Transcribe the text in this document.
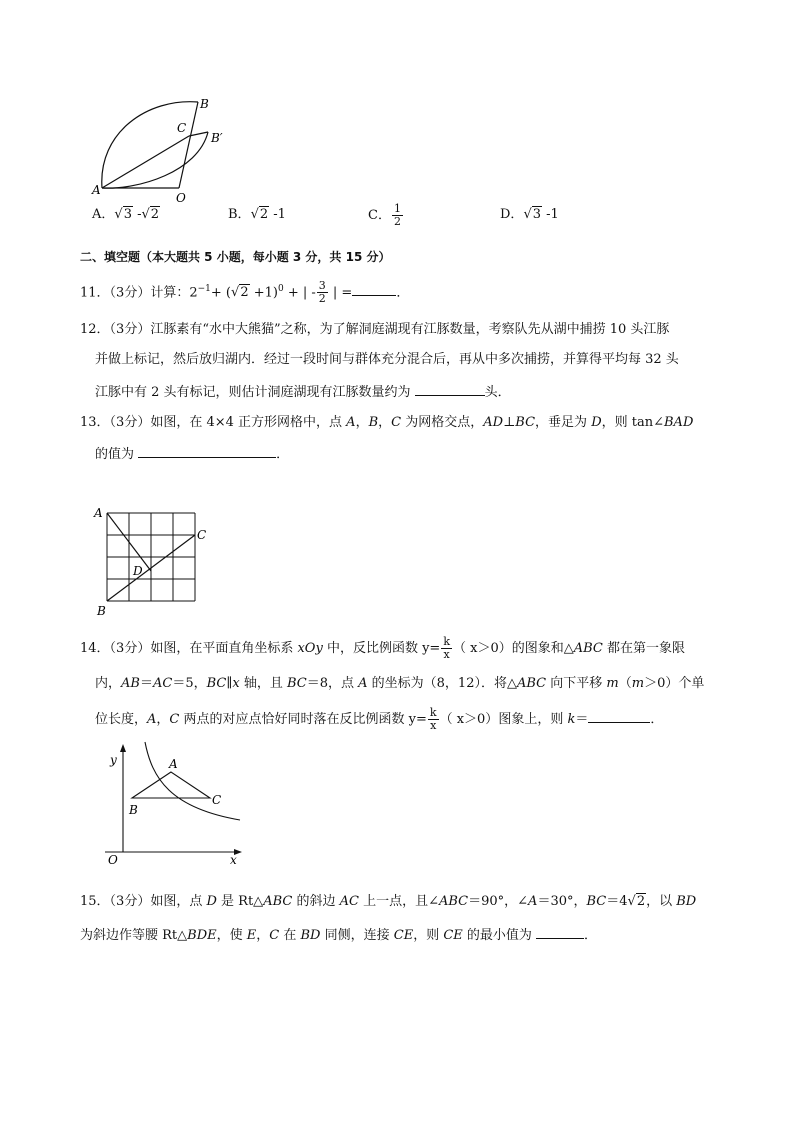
A
B
C
B′
O
A．√3 -√2	B．√2 -1	C． $\frac{1}{2}$	D．√3 -1
二、填空题（本大题共 5 小题，每小题 3 分，共 15 分）
11．（3分）计算：$2^{-1}+ (√2 +1)^0$ + | - $\frac{3}{2}$ | =	．
12．（3分）江豚素有“水中大熊猫”之称，为了解洞庭湖现有江豚数量，考察队先从湖中捕捞 10 头江豚
并做上标记，然后放归湖内．经过一段时间与群体充分混合后，再从中多次捕捞，并算得平均每 32 头
江豚中有 2 头有标记，则估计洞庭湖现有江豚数量约为	头．
13．（3分）如图，在 4×4 正方形网格中，点 A，B，C 为网格交点，AD⊥BC，垂足为 D，则 tan∠BAD
的值为	．
A
B
C
D
14．（3分）如图，在平面直角坐标系 xOy 中，反比例函数 $y= \frac{k}{x}$ （ x＞0）的图象和△ABC 都在第一象限
内，AB＝AC＝5，BC∥x 轴，且 BC＝8，点 A 的坐标为（8，12）．将△ABC 向下平移 m（m＞0）个单
位长度，A，C 两点的对应点恰好同时落在反比例函数 $y= \frac{k}{x}$ （ x＞0）图象上，则 k＝	．
y
x
O
A
B
C
15．（3分）如图，点 D 是 Rt△ABC 的斜边 AC 上一点，且∠ABC＝90°，∠A＝30°，BC＝4√2，以 BD
为斜边作等腰 Rt△BDE，使 E，C 在 BD 同侧，连接 CE，则 CE 的最小值为	．
